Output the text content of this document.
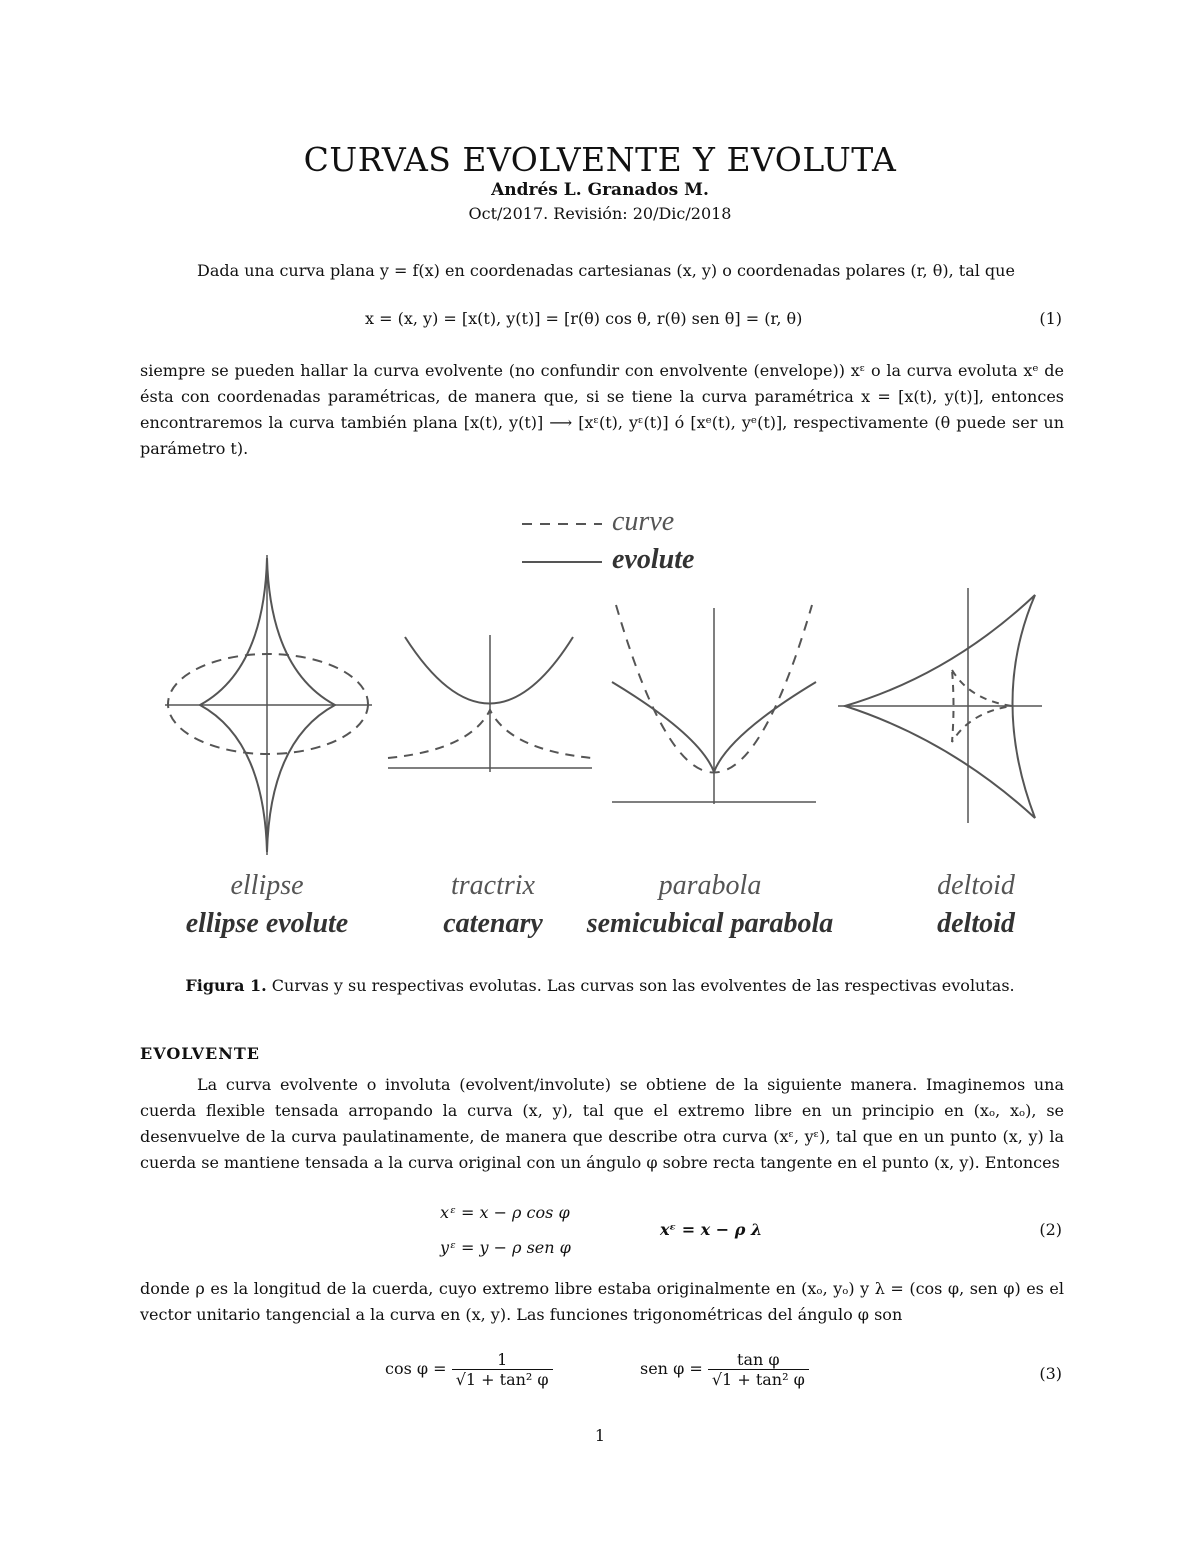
CURVAS EVOLVENTE Y EVOLUTA
Andrés L. Granados M.
Oct/2017. Revisión: 20/Dic/2018
Dada una curva plana y = f(x) en coordenadas cartesianas (x, y) o coordenadas polares (r, θ), tal que
x = (x, y) = [x(t), y(t)] = [r(θ) cos θ, r(θ) sen θ] = (r, θ)	(1)
siempre se pueden hallar la curva evolvente (no confundir con envolvente (envelope)) xᵋ o la curva evoluta xᵉ de ésta con coordenadas paramétricas, de manera que, si se tiene la curva paramétrica x = [x(t), y(t)], entonces encontraremos la curva también plana [x(t), y(t)] ⟶ [xᵋ(t), yᵋ(t)] ó [xᵉ(t), yᵉ(t)], respectivamente (θ puede ser un parámetro t).
curve
evolute
ellipse
ellipse evolute
tractrix
catenary
parabola
semicubical parabola
deltoid
deltoid
Figura 1. Curvas y su respectivas evolutas. Las curvas son las evolventes de las respectivas evolutas.
EVOLVENTE
La curva evolvente o involuta (evolvent/involute) se obtiene de la siguiente manera. Imaginemos una cuerda flexible tensada arropando la curva (x, y), tal que el extremo libre en un principio en (xₒ, xₒ), se desenvuelve de la curva paulatinamente, de manera que describe otra curva (xᵋ, yᵋ), tal que en un punto (x, y) la cuerda se mantiene tensada a la curva original con un ángulo φ sobre recta tangente en el punto (x, y). Entonces
xᵋ = x − ρ cos φ
yᵋ = y − ρ sen φ
xᵋ = x − ρ λ	(2)
donde ρ es la longitud de la cuerda, cuyo extremo libre estaba originalmente en (xₒ, yₒ) y λ = (cos φ, sen φ) es el vector unitario tangencial a la curva en (x, y). Las funciones trigonométricas del ángulo φ son
$\cos \varphi = \frac{1}{\text{√1 + tan² φ}}$	sen $\varphi = \frac{\text{tan φ}}{\text{√1 + tan² φ}}$	(3)
1
